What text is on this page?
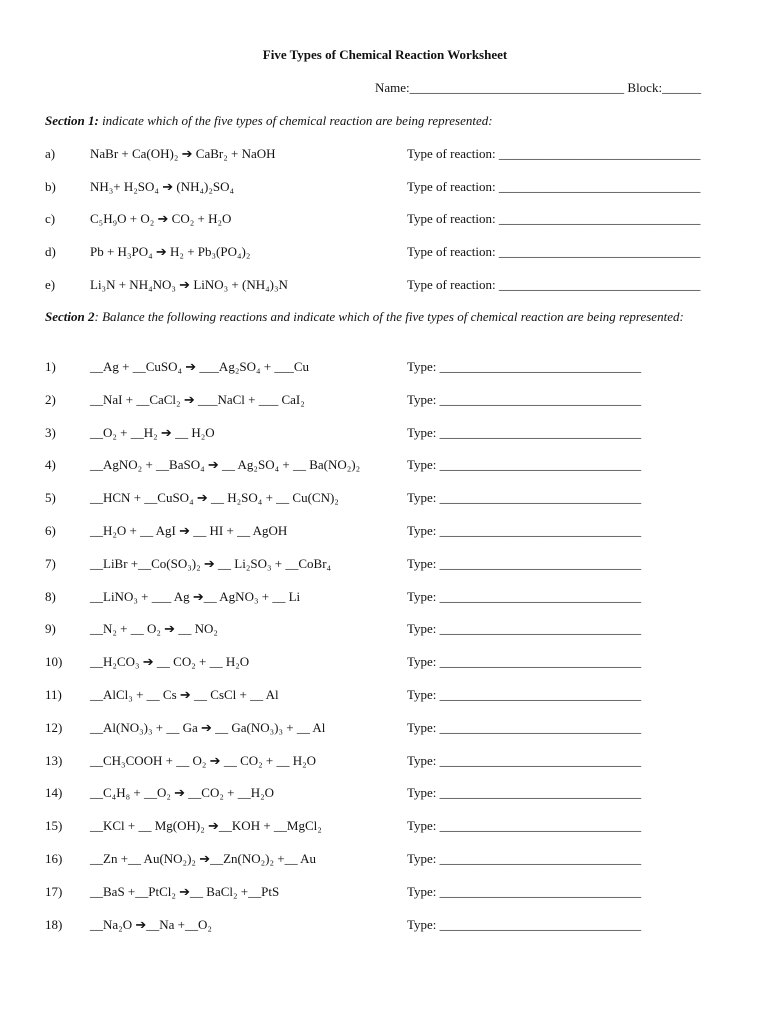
Five Types of Chemical Reaction Worksheet
Name:_________________________________ Block:______
Section 1: indicate which of the five types of chemical reaction are being represented:
a)	NaBr + Ca(OH)₂ ➔ CaBr₂ + NaOH	Type of reaction: _______________________________
b)	NH₃+ H₂SO₄ ➔ (NH₄)₂SO₄	Type of reaction: _______________________________
c)	C₅H₉O + O₂ ➔ CO₂ + H₂O	Type of reaction: _______________________________
d)	Pb + H₃PO₄ ➔ H₂ + Pb₃(PO₄)₂	Type of reaction: _______________________________
e)	Li₃N + NH₄NO₃ ➔ LiNO₃ + (NH₄)₃N	Type of reaction: _______________________________
Section 2: Balance the following reactions and indicate which of the five types of chemical reaction are being represented:
1)	__Ag + __CuSO₄ ➔ ___Ag₂SO₄ + ___Cu	Type: _______________________________
2)	__NaI + __CaCl₂ ➔ ___NaCl + ___ CaI₂	Type: _______________________________
3)	__O₂ + __H₂ ➔ __ H₂O	Type: _______________________________
4)	__AgNO₂ + __BaSO₄ ➔ __ Ag₂SO₄ + __ Ba(NO₂)₂	Type: _______________________________
5)	__HCN + __CuSO₄ ➔ __ H₂SO₄ + __ Cu(CN)₂	Type: _______________________________
6)	__H₂O + __ AgI ➔ __ HI + __ AgOH	Type: _______________________________
7)	__LiBr +__Co(SO₃)₂ ➔ __ Li₂SO₃ + __CoBr₄	Type: _______________________________
8)	__LiNO₃ + ___ Ag ➔__ AgNO₃ + __ Li	Type: _______________________________
9)	__N₂ + __ O₂ ➔ __ NO₂	Type: _______________________________
10) __H₂CO₃ ➔ __ CO₂ + __ H₂O	Type: _______________________________
11) __AlCl₃ + __ Cs ➔ __ CsCl + __ Al	Type: _______________________________
12) __Al(NO₃)₃ + __ Ga ➔ __ Ga(NO₃)₃ + __ Al	Type: _______________________________
13) __CH₃COOH + __ O₂ ➔ __ CO₂ + __ H₂O	Type: _______________________________
14) __C₄H₈ + __O₂ ➔ __CO₂ + __H₂O	Type: _______________________________
15) __KCl + __ Mg(OH)₂ ➔__KOH + __MgCl₂	Type: _______________________________
16) __Zn +__ Au(NO₂)₂ ➔__Zn(NO₂)₂ +__ Au	Type: _______________________________
17) __BaS +__PtCl₂ ➔__ BaCl₂ +__PtS	Type: _______________________________
18) __Na₂O ➔__Na +__O₂	Type: _______________________________
